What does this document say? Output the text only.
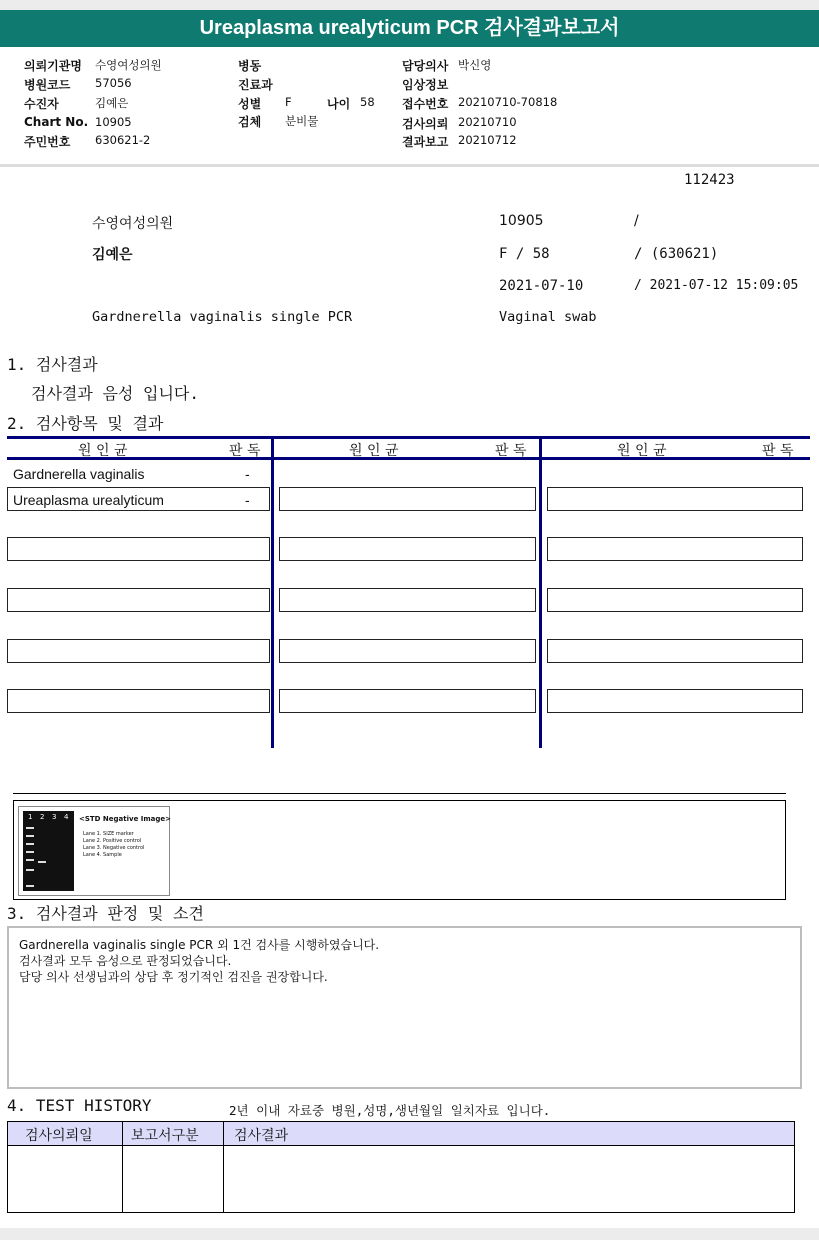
Ureaplasma urealyticum PCR 검사결과보고서
의뢰기관명 수영여성의원
병원코드 57056
수진자	김예은
Chart No. 10905
주민번호 630621-2
병동
진료과
성별 F	나이 58
검체 분비물
담당의사 박신영
임상정보
접수번호 20210710-70818
검사의뢰 20210710
결과보고 20210712
112423
수영여성의원	10905	/
김예은	F / 58	/ (630621)
2021-07-10	/ 2021-07-12 15:09:05
Gardnerella vaginalis single PCR	Vaginal swab
1. 검사결과
검사결과 음성 입니다.
2. 검사항목 및 결과
원 인 균	판 독	원 인 균	판 독	원 인 균	판 독
Gardnerella vaginalis	-
Ureaplasma urealyticum	-
1 2 3 4 <STD Negative Image>
Lane 1. SIZE marker
Lane 2. Positive control
Lane 3. Negative control
Lane 4. Sample
3. 검사결과 판정 및 소견
Gardnerella vaginalis single PCR 외 1건 검사를 시행하였습니다.
검사결과 모두 음성으로 판정되었습니다.
담당 의사 선생님과의 상담 후 정기적인 검진을 권장합니다.
4. TEST HISTORY	2년 이내 자료중 병원,성명,생년월일 일치자료 입니다.
검사의뢰일	보고서구분	검사결과
